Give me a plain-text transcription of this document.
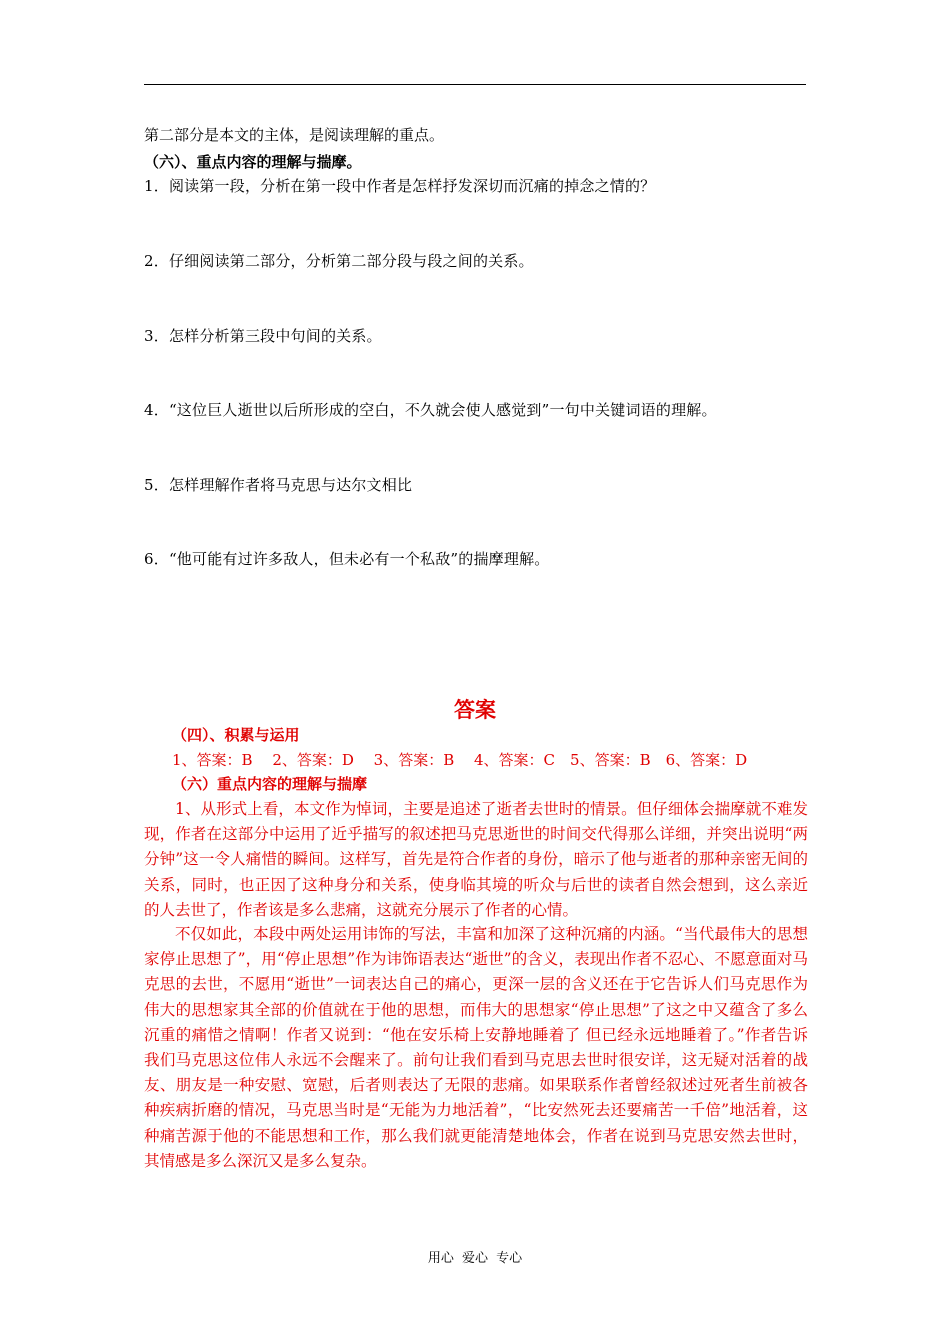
第二部分是本文的主体，是阅读理解的重点。
（六）、重点内容的理解与揣摩。
1．阅读第一段，分析在第一段中作者是怎样抒发深切而沉痛的掉念之情的？
2．仔细阅读第二部分，分析第二部分段与段之间的关系。
3．怎样分析第三段中句间的关系。
4．“这位巨人逝世以后所形成的空白，不久就会使人感觉到”一句中关键词语的理解。
5．怎样理解作者将马克思与达尔文相比
6．“他可能有过许多敌人，但未必有一个私敌”的揣摩理解。
答案
（四）、积累与运用
1、答案：B　 2、答案：D　 3、答案：B　 4、答案：C　5、答案：B　6、答案：D
（六）重点内容的理解与揣摩

1、从形式上看，本文作为悼词，主要是追述了逝者去世时的情景。但仔细体会揣摩就不难发现，作者在这部分中运用了近乎描写的叙述把马克思逝世的时间交代得那么详细，并突出说明“两分钟”这一令人痛惜的瞬间。这样写，首先是符合作者的身份，暗示了他与逝者的那种亲密无间的关系，同时，也正因了这种身分和关系，使身临其境的听众与后世的读者自然会想到，这么亲近的人去世了，作者该是多么悲痛，这就充分展示了作者的心情。

不仅如此，本段中两处运用讳饰的写法，丰富和加深了这种沉痛的内涵。“当代最伟大的思想家停止思想了”，用“停止思想”作为讳饰语表达“逝世”的含义，表现出作者不忍心、不愿意面对马克思的去世，不愿用“逝世”一词表达自己的痛心，更深一层的含义还在于它告诉人们马克思作为伟大的思想家其全部的价值就在于他的思想，而伟大的思想家“停止思想”了这之中又蕴含了多么沉重的痛惜之情啊！作者又说到：“他在安乐椅上安静地睡着了 但已经永远地睡着了。”作者告诉我们马克思这位伟人永远不会醒来了。前句让我们看到马克思去世时很安详，这无疑对活着的战友、朋友是一种安慰、宽慰，后者则表达了无限的悲痛。如果联系作者曾经叙述过死者生前被各种疾病折磨的情况，马克思当时是“无能为力地活着”，“比安然死去还要痛苦一千倍”地活着，这种痛苦源于他的不能思想和工作，那么我们就更能清楚地体会，作者在说到马克思安然去世时，其情感是多么深沉又是多么复杂。

用心 爱心 专心
